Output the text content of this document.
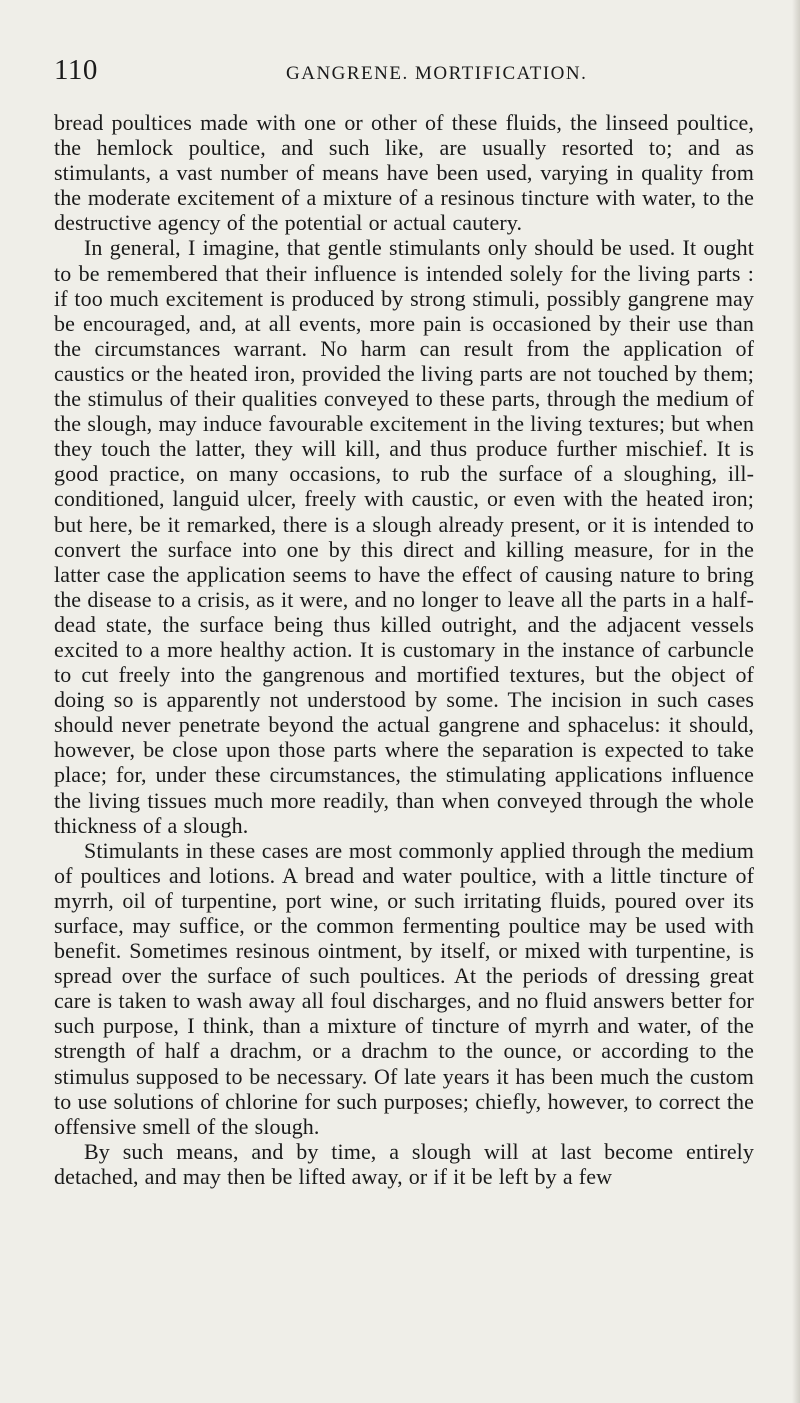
110	GANGRENE. MORTIFICATION.

bread poultices made with one or other of these fluids, the linseed poultice, the hemlock poultice, and such like, are usually resorted to; and as stimulants, a vast number of means have been used, varying in quality from the moderate excitement of a mixture of a resinous tincture with water, to the destructive agency of the potential or actual cautery.

In general, I imagine, that gentle stimulants only should be used. It ought to be remembered that their influence is intended solely for the living parts : if too much excitement is produced by strong stimuli, possibly gangrene may be encouraged, and, at all events, more pain is occasioned by their use than the circumstances warrant. No harm can result from the application of caustics or the heated iron, provided the living parts are not touched by them; the stimulus of their qualities conveyed to these parts, through the medium of the slough, may induce favourable excitement in the living textures; but when they touch the latter, they will kill, and thus produce further mischief. It is good practice, on many occasions, to rub the surface of a sloughing, ill-conditioned, languid ulcer, freely with caustic, or even with the heated iron; but here, be it remarked, there is a slough already present, or it is intended to convert the surface into one by this direct and killing measure, for in the latter case the application seems to have the effect of causing nature to bring the disease to a crisis, as it were, and no longer to leave all the parts in a half-dead state, the surface being thus killed outright, and the adjacent vessels excited to a more healthy action. It is customary in the instance of carbuncle to cut freely into the gangrenous and mortified textures, but the object of doing so is apparently not understood by some. The incision in such cases should never penetrate beyond the actual gangrene and sphacelus: it should, however, be close upon those parts where the separation is expected to take place; for, under these circumstances, the stimulating applications influence the living tissues much more readily, than when conveyed through the whole thickness of a slough.

Stimulants in these cases are most commonly applied through the medium of poultices and lotions. A bread and water poultice, with a little tincture of myrrh, oil of turpentine, port wine, or such irritating fluids, poured over its surface, may suffice, or the common fermenting poultice may be used with benefit. Sometimes resinous ointment, by itself, or mixed with turpentine, is spread over the surface of such poultices. At the periods of dressing great care is taken to wash away all foul discharges, and no fluid answers better for such purpose, I think, than a mixture of tincture of myrrh and water, of the strength of half a drachm, or a drachm to the ounce, or according to the stimulus supposed to be necessary. Of late years it has been much the custom to use solutions of chlorine for such purposes; chiefly, however, to correct the offensive smell of the slough.

By such means, and by time, a slough will at last become entirely detached, and may then be lifted away, or if it be left by a few
